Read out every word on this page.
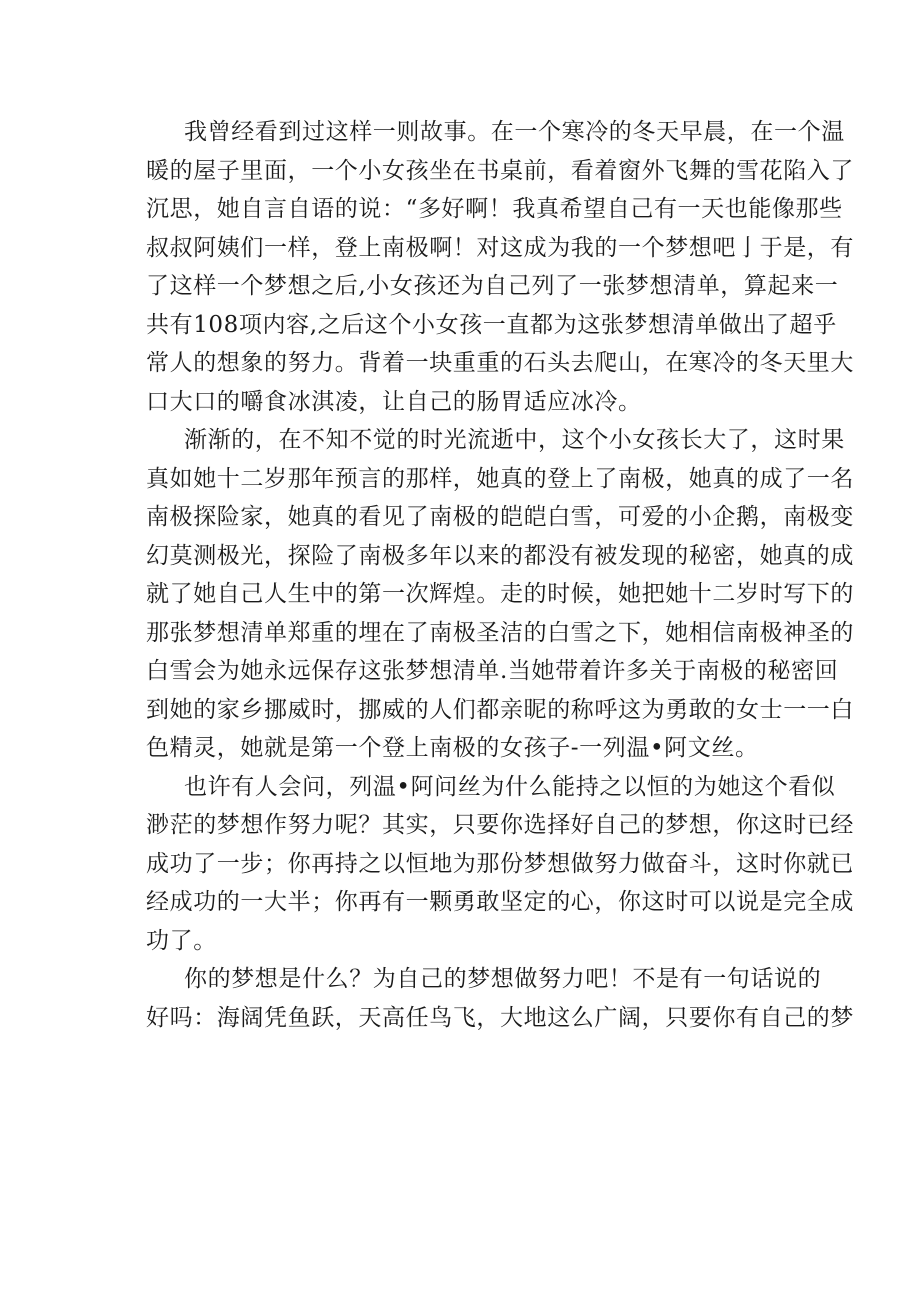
我曾经看到过这样一则故事。在一个寒冷的冬天早晨，在一个温
暖的屋子里面，一个小女孩坐在书桌前，看着窗外飞舞的雪花陷入了
沉思，她自言自语的说：“多好啊！我真希望自己有一天也能像那些
叔叔阿姨们一样，登上南极啊！对这成为我的一个梦想吧亅于是，有
了这样一个梦想之后,小女孩还为自己列了一张梦想清单，算起来一
共有108项内容,之后这个小女孩一直都为这张梦想清单做出了超乎
常人的想象的努力。背着一块重重的石头去爬山，在寒冷的冬天里大
口大口的嚼食冰淇凌，让自己的肠胃适应冰冷。
渐渐的，在不知不觉的时光流逝中，这个小女孩长大了，这时果
真如她十二岁那年预言的那样，她真的登上了南极，她真的成了一名
南极探险家，她真的看见了南极的皑皑白雪，可爱的小企鹅，南极变
幻莫测极光，探险了南极多年以来的都没有被发现的秘密，她真的成
就了她自己人生中的第一次辉煌。走的时候，她把她十二岁时写下的
那张梦想清单郑重的埋在了南极圣洁的白雪之下，她相信南极神圣的
白雪会为她永远保存这张梦想清单.当她带着许多关于南极的秘密回
到她的家乡挪威时，挪威的人们都亲昵的称呼这为勇敢的女士一一白
色精灵，她就是第一个登上南极的女孩子-一列温•阿文丝。
也许有人会问，列温•阿问丝为什么能持之以恒的为她这个看似
渺茫的梦想作努力呢？其实，只要你选择好自己的梦想，你这时已经
成功了一步；你再持之以恒地为那份梦想做努力做奋斗，这时你就已
经成功的一大半；你再有一颗勇敢坚定的心，你这时可以说是完全成
功了。
你的梦想是什么？为自己的梦想做努力吧！不是有一句话说的
好吗：海阔凭鱼跃，天高任鸟飞，大地这么广阔，只要你有自己的梦
